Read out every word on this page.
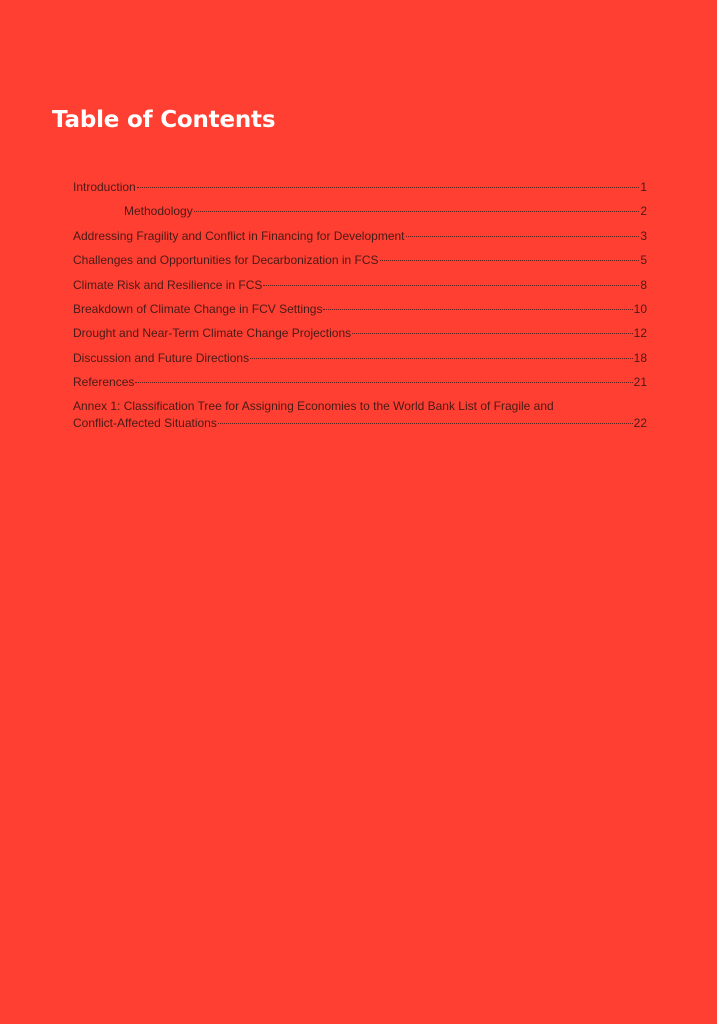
Table of Contents
Introduction	1
Methodology	2
Addressing Fragility and Conflict in Financing for Development	3
Challenges and Opportunities for Decarbonization in FCS	5
Climate Risk and Resilience in FCS	8
Breakdown of Climate Change in FCV Settings	10
Drought and Near-Term Climate Change Projections	12
Discussion and Future Directions	18
References	21
Annex 1: Classification Tree for Assigning Economies to the World Bank List of Fragile and
Conflict-Affected Situations	22
